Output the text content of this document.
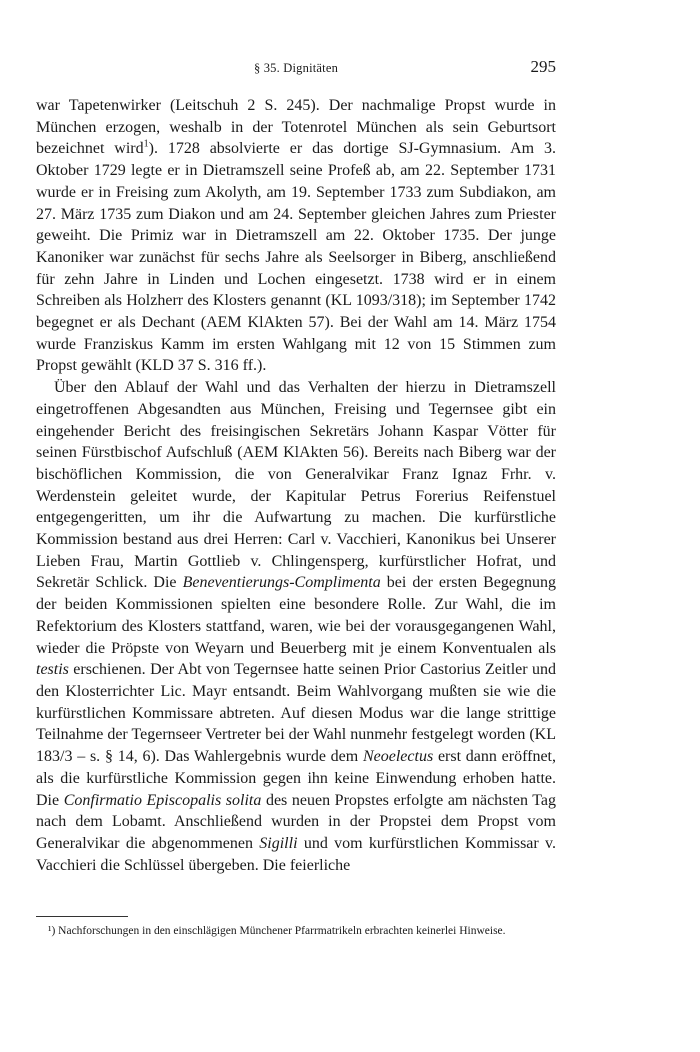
§ 35. Dignitäten	295

war Tapetenwirker (Leitschuh 2 S. 245). Der nachmalige Propst wurde in München erzogen, weshalb in der Totenrotel München als sein Geburtsort bezeichnet wird$^1$). 1728 absolvierte er das dortige SJ-Gymnasium. Am 3. Oktober 1729 legte er in Dietramszell seine Profeß ab, am 22. September 1731 wurde er in Freising zum Akolyth, am 19. September 1733 zum Subdiakon, am 27. März 1735 zum Diakon und am 24. September gleichen Jahres zum Priester geweiht. Die Primiz war in Dietramszell am 22. Oktober 1735. Der junge Kanoniker war zunächst für sechs Jahre als Seelsorger in Biberg, anschließend für zehn Jahre in Linden und Lochen eingesetzt. 1738 wird er in einem Schreiben als Holzherr des Klosters genannt (KL 1093/318); im September 1742 begegnet er als Dechant (AEM KlAkten 57). Bei der Wahl am 14. März 1754 wurde Franziskus Kamm im ersten Wahlgang mit 12 von 15 Stimmen zum Propst gewählt (KLD 37 S. 316 ff.).

Über den Ablauf der Wahl und das Verhalten der hierzu in Dietramszell eingetroffenen Abgesandten aus München, Freising und Tegernsee gibt ein eingehender Bericht des freisingischen Sekretärs Johann Kaspar Vötter für seinen Fürstbischof Aufschluß (AEM KlAkten 56). Bereits nach Biberg war der bischöflichen Kommission, die von Generalvikar Franz Ignaz Frhr. v. Werdenstein geleitet wurde, der Kapitular Petrus Forerius Reifenstuel entgegengeritten, um ihr die Aufwartung zu machen. Die kurfürstliche Kommission bestand aus drei Herren: Carl v. Vacchieri, Kanonikus bei Unserer Lieben Frau, Martin Gottlieb v. Chlingensperg, kurfürstlicher Hofrat, und Sekretär Schlick. Die Beneventierungs-Complimenta bei der ersten Begegnung der beiden Kommissionen spielten eine besondere Rolle. Zur Wahl, die im Refektorium des Klosters stattfand, waren, wie bei der vorausgegangenen Wahl, wieder die Pröpste von Weyarn und Beuerberg mit je einem Konventualen als testis erschienen. Der Abt von Tegernsee hatte seinen Prior Castorius Zeitler und den Klosterrichter Lic. Mayr entsandt. Beim Wahlvorgang mußten sie wie die kurfürstlichen Kommissare abtreten. Auf diesen Modus war die lange strittige Teilnahme der Tegernseer Vertreter bei der Wahl nunmehr festgelegt worden (KL 183/3 – s. § 14, 6). Das Wahlergebnis wurde dem Neoelectus erst dann eröffnet, als die kurfürstliche Kommission gegen ihn keine Einwendung erhoben hatte. Die Confirmatio Episcopalis solita des neuen Propstes erfolgte am nächsten Tag nach dem Lobamt. Anschließend wurden in der Propstei dem Propst vom Generalvikar die abgenommenen Sigilli und vom kurfürstlichen Kommissar v. Vacchieri die Schlüssel übergeben. Die feierliche

¹) Nachforschungen in den einschlägigen Münchener Pfarrmatrikeln erbrachten keinerlei Hinweise.
